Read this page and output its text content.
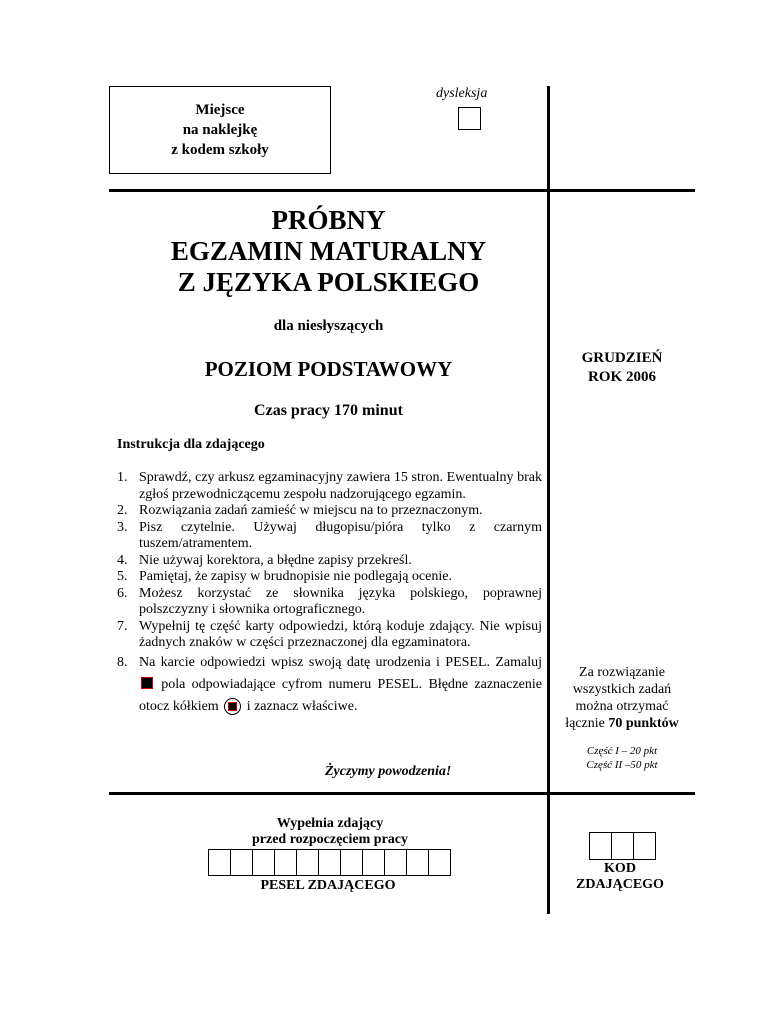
Miejsce
na naklejkę
z kodem szkoły
dysleksja
PRÓBNY
EGZAMIN MATURALNY
Z JĘZYKA POLSKIEGO
dla niesłyszących
POZIOM PODSTAWOWY
Czas pracy 170 minut
GRUDZIEŃ
ROK 2006
Instrukcja dla zdającego
1. Sprawdź, czy arkusz egzaminacyjny zawiera 15 stron. Ewentualny brak zgłoś przewodniczącemu zespołu nadzorującego egzamin.
2. Rozwiązania zadań zamieść w miejscu na to przeznaczonym.
3. Pisz czytelnie. Używaj długopisu/pióra tylko z czarnym tuszem/atramentem.
4. Nie używaj korektora, a błędne zapisy przekreśl.
5. Pamiętaj, że zapisy w brudnopisie nie podlegają ocenie.
6. Możesz korzystać ze słownika języka polskiego, poprawnej polszczyzny i słownika ortograficznego.
7. Wypełnij tę część karty odpowiedzi, którą koduje zdający. Nie wpisuj żadnych znaków w części przeznaczonej dla egzaminatora.
8. Na karcie odpowiedzi wpisz swoją datę urodzenia i PESEL. Zamaluj  pola odpowiadające cyfrom numeru PESEL. Błędne zaznaczenie otocz kółkiem i zaznacz właściwe.
Życzymy powodzenia!
Za rozwiązanie
wszystkich zadań
można otrzymać
łącznie 70 punktów
Część I – 20 pkt
Część II –50 pkt
Wypełnia zdający
przed rozpoczęciem pracy
PESEL ZDAJĄCEGO
KOD
ZDAJĄCEGO
